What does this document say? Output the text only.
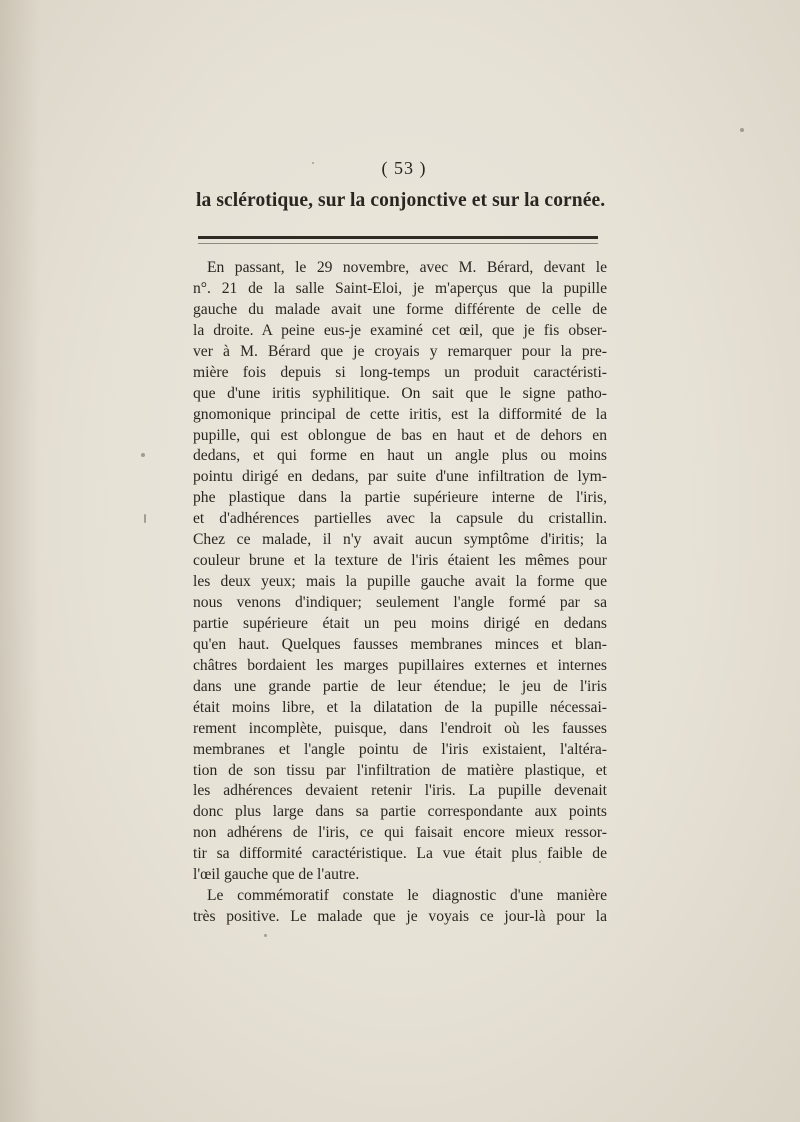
( 53 )
la sclérotique, sur la conjonctive et sur la cornée.
En passant, le 29 novembre, avec M. Bérard, devant le
n°. 21 de la salle Saint-Eloi, je m'aperçus que la pupille
gauche du malade avait une forme différente de celle de
la droite. A peine eus-je examiné cet œil, que je fis obser-
ver à M. Bérard que je croyais y remarquer pour la pre-
mière fois depuis si long-temps un produit caractéristi-
que d'une iritis syphilitique. On sait que le signe patho-
gnomonique principal de cette iritis, est la difformité de la
pupille, qui est oblongue de bas en haut et de dehors en
dedans, et qui forme en haut un angle plus ou moins
pointu dirigé en dedans, par suite d'une infiltration de lym-
phe plastique dans la partie supérieure interne de l'iris,
et d'adhérences partielles avec la capsule du cristallin.
Chez ce malade, il n'y avait aucun symptôme d'iritis; la
couleur brune et la texture de l'iris étaient les mêmes pour
les deux yeux; mais la pupille gauche avait la forme que
nous venons d'indiquer; seulement l'angle formé par sa
partie supérieure était un peu moins dirigé en dedans
qu'en haut. Quelques fausses membranes minces et blan-
châtres bordaient les marges pupillaires externes et internes
dans une grande partie de leur étendue; le jeu de l'iris
était moins libre, et la dilatation de la pupille nécessai-
rement incomplète, puisque, dans l'endroit où les fausses
membranes et l'angle pointu de l'iris existaient, l'altéra-
tion de son tissu par l'infiltration de matière plastique, et
les adhérences devaient retenir l'iris. La pupille devenait
donc plus large dans sa partie correspondante aux points
non adhérens de l'iris, ce qui faisait encore mieux ressor-
tir sa difformité caractéristique. La vue était plus faible de
l'œil gauche que de l'autre.
Le commémoratif constate le diagnostic d'une manière
très positive. Le malade que je voyais ce jour-là pour la
